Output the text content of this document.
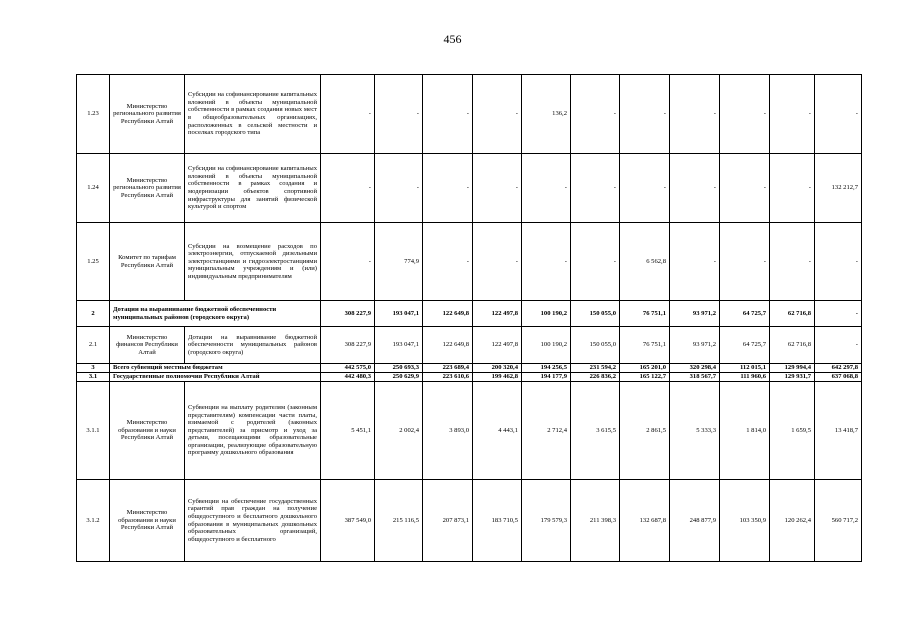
456
1.23	Министерство регионального развития Республики Алтай	Субсидии на софинансирование капитальных вложений в объекты муниципальной собственности в рамках создания новых мест в общеобразовательных организациях, расположенных в сельской местности и поселках городского типа	-	-	-	-	136,2	-	-	-	-	-	-
1.24	Министерство регионального развития Республики Алтай	Субсидии на софинансирование капитальных вложений в объекты муниципальной собственности в рамках создания и модернизации объектов спортивной инфраструктуры для занятий физической культурой и спортом	-	-	-	-	-	-	-	-	-	-	132 212,7
1.25	Комитет по тарифам Республики Алтай	Субсидии на возмещение расходов по электроэнергии, отпускаемой дизельными электростанциями и гидроэлектростанциями муниципальным учреждениям и (или) индивидуальным предпринимателям	-	774,9	-	-	-	-	6 562,8	-	-	-	-
2	Дотации на выравнивание бюджетной обеспеченности муниципальных районов (городского округа)		308 227,9	193 047,1	122 649,8	122 497,8	100 190,2	150 055,0	76 751,1	93 971,2	64 725,7	62 716,8	-
2.1	Министерство финансов Республики Алтай	Дотации на выравнивание бюджетной обеспеченности муниципальных районов (городского округа)	308 227,9	193 047,1	122 649,8	122 497,8	100 190,2	150 055,0	76 751,1	93 971,2	64 725,7	62 716,8	-
3	Всего субвенций местным бюджетам		442 575,0	250 693,3	223 689,4	200 320,4	194 256,5	231 594,2	165 201,0	320 298,4	112 015,1	129 994,4	642 297,8
3.1	Государственные полномочия Республики Алтай		442 480,3	250 629,9	223 610,6	199 462,8	194 177,9	226 836,2	165 122,7	318 567,7	111 960,6	129 931,7	637 068,8
3.1.1	Министерство образования и науки Республики Алтай	Субвенции на выплату родителям (законным представителям) компенсации части платы, взимаемой с родителей (законных представителей) за присмотр и уход за детьми, посещающими образовательные организации, реализующие образовательную программу дошкольного образования	5 451,1	2 002,4	3 893,0	4 443,1	2 712,4	3 615,5	2 861,5	5 333,3	1 814,0	1 659,5	13 418,7
3.1.2	Министерство образования и науки Республики Алтай	Субвенции на обеспечение государственных гарантий прав граждан на получение общедоступного и бесплатного дошкольного образования в муниципальных дошкольных образовательных организаций, общедоступного и бесплатного	387 549,0	215 116,5	207 873,1	183 710,5	179 579,3	211 398,3	132 687,8	248 877,9	103 350,9	120 262,4	560 717,2
